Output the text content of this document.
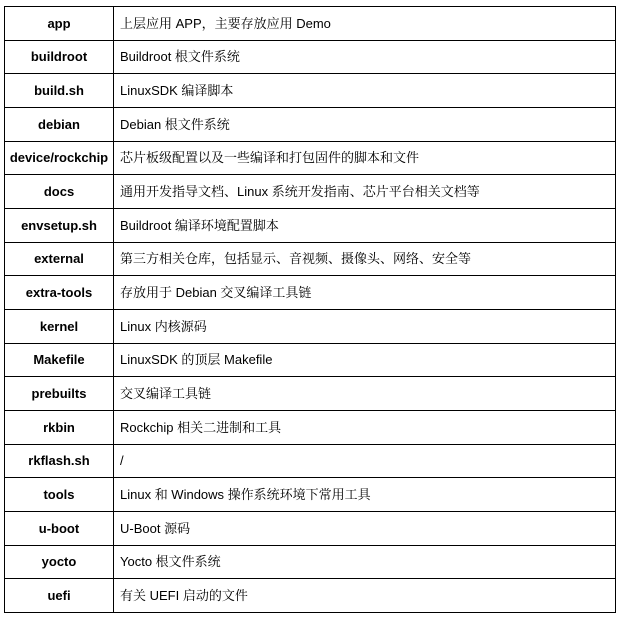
app	上层应用 APP，主要存放应用 Demo
buildroot	Buildroot 根文件系统
build.sh	LinuxSDK 编译脚本
debian	Debian 根文件系统
device/rockchip	芯片板级配置以及一些编译和打包固件的脚本和文件
docs	通用开发指导文档、Linux 系统开发指南、芯片平台相关文档等
envsetup.sh	Buildroot 编译环境配置脚本
external	第三方相关仓库，包括显示、音视频、摄像头、网络、安全等
extra-tools	存放用于 Debian 交叉编译工具链
kernel	Linux 内核源码
Makefile	LinuxSDK 的顶层 Makefile
prebuilts	交叉编译工具链
rkbin	Rockchip 相关二进制和工具
rkflash.sh	/
tools	Linux 和 Windows 操作系统环境下常用工具
u-boot	U-Boot 源码
yocto	Yocto 根文件系统
uefi	有关 UEFI 启动的文件
